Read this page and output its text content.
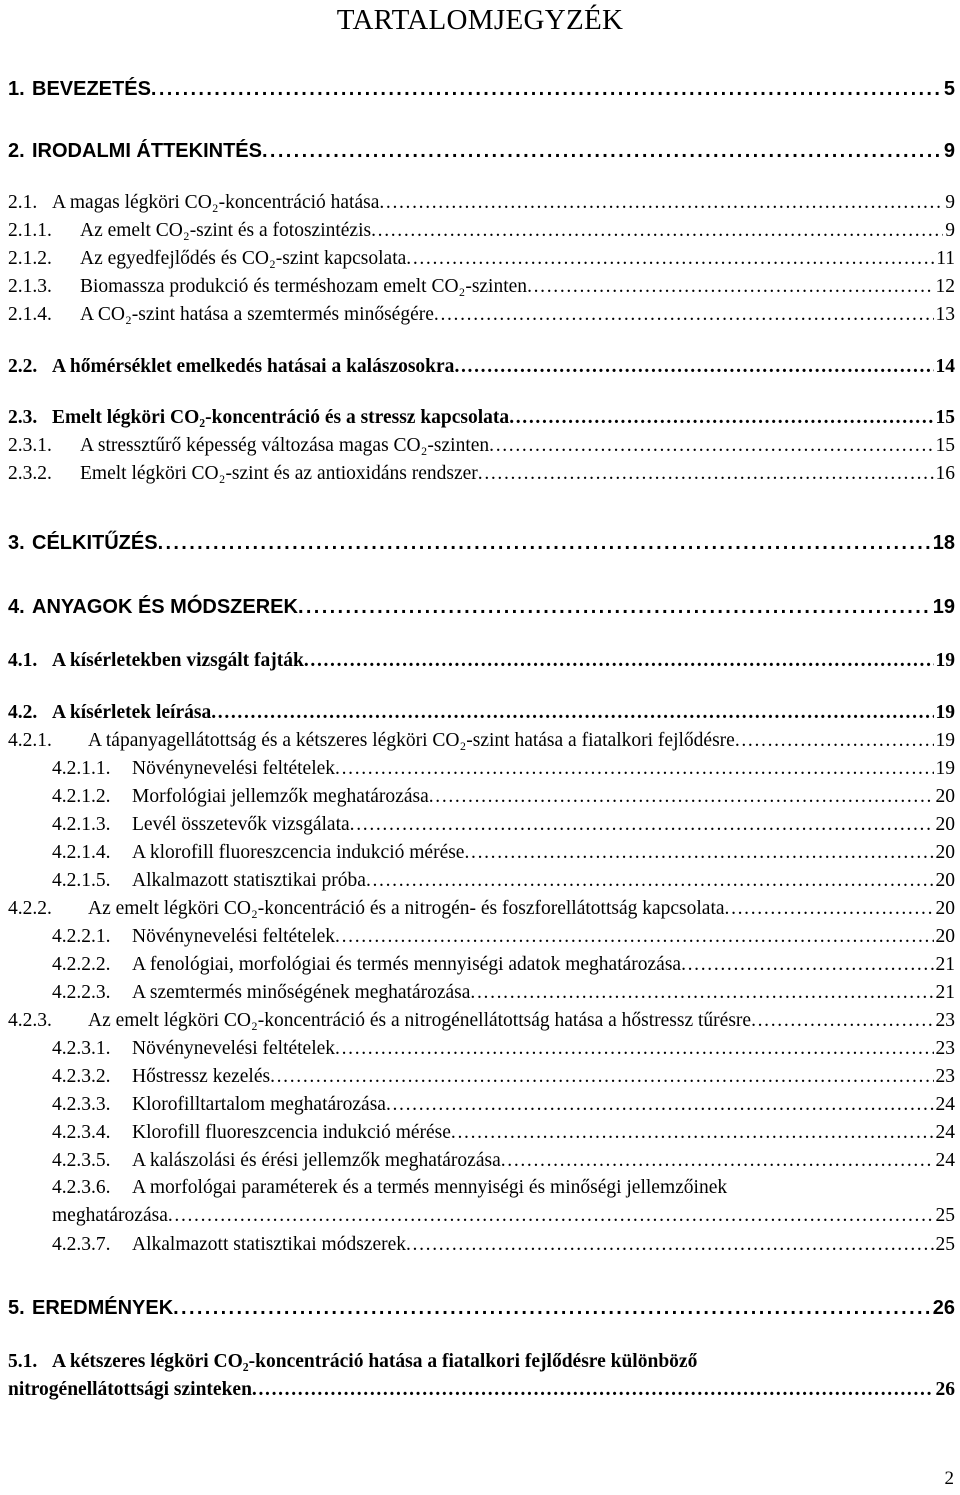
TARTALOMJEGYZÉK
1. BEVEZETÉS . . .	5
2. IRODALMI ÁTTEKINTÉS . . .	9
2.1. A magas légköri CO₂-koncentráció hatása . . .	9
2.1.1.	Az emelt CO₂-szint és a fotoszintézis . . .	9
2.1.2.	Az egyedfejlődés és CO₂-szint kapcsolata . . .	11
2.1.3.	Biomassza produkció és terméshozam emelt CO₂-szinten . . .	12
2.1.4.	A CO₂-szint hatása a szemtermés minőségére . . .	13
2.2. A hőmérséklet emelkedés hatásai a kalászosokra . . .	14
2.3. Emelt légköri CO₂-koncentráció és a stressz kapcsolata . . .	15
2.3.1.	A stressztűrő képesség változása magas CO₂-szinten . . .	15
2.3.2.	Emelt légköri CO₂-szint és az antioxidáns rendszer . . .	16
3. CÉLKITŰZÉS . . .	18
4. ANYAGOK ÉS MÓDSZEREK . . .	19
4.1. A kísérletekben vizsgált fajták . . .	19
4.2. A kísérletek leírása . . .	19
4.2.1.	A tápanyagellátottság és a kétszeres légköri CO₂-szint hatása a fiatalkori fejlődésre . . .	19
4.2.1.1.	Növénynevelési feltételek . . .	19
4.2.1.2.	Morfológiai jellemzők meghatározása . . .	20
4.2.1.3.	Levél összetevők vizsgálata . . .	20
4.2.1.4.	A klorofill fluoreszcencia indukció mérése . . .	20
4.2.1.5.	Alkalmazott statisztikai próba . . .	20
4.2.2.	Az emelt légköri CO₂-koncentráció és a nitrogén- és foszforellátottság kapcsolata . . .	20
4.2.2.1.	Növénynevelési feltételek . . .	20
4.2.2.2.	A fenológiai, morfológiai és termés mennyiségi adatok meghatározása . . .	21
4.2.2.3.	A szemtermés minőségének meghatározása . . .	21
4.2.3.	Az emelt légköri CO₂-koncentráció és a nitrogénellátottság hatása a hőstressz tűrésre . . .	23
4.2.3.1.	Növénynevelési feltételek . . .	23
4.2.3.2.	Hőstressz kezelés . . .	23
4.2.3.3.	Klorofilltartalom meghatározása . . .	24
4.2.3.4.	Klorofill fluoreszcencia indukció mérése . . .	24
4.2.3.5.	A kalászolási és érési jellemzők meghatározása . . .	24
4.2.3.6. A morfológai paraméterek és a termés mennyiségi és minőségi jellemzőinek
meghatározása . . .	25
4.2.3.7.	Alkalmazott statisztikai módszerek . . .	25
5. EREDMÉNYEK . . .	26
5.1. A kétszeres légköri CO₂-koncentráció hatása a fiatalkori fejlődésre különböző
nitrogénellátottsági szinteken . . .	26
2
